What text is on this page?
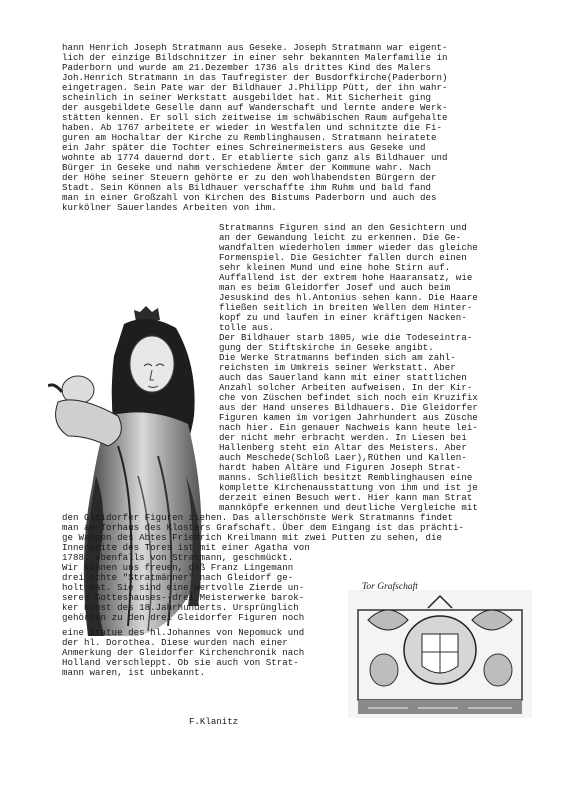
Tor Grafschaft
hann Henrich Joseph Stratmann aus Geseke. Joseph Stratmann war eigent-
lich der einzige Bildschnitzer in einer sehr bekannten Malerfamilie in
Paderborn und wurde am 21.Dezember 1736 als drittes Kind des Malers
Joh.Henrich Stratmann in das Taufregister der Busdorfkirche(Paderborn)
eingetragen. Sein Pate war der Bildhauer J.Philipp Pütt, der ihn wahr-
scheinlich in seiner Werkstatt ausgebildet hat. Mit Sicherheit ging
der ausgebildete Geselle dann auf Wanderschaft und lernte andere Werk-
stätten kennen. Er soll sich zeitweise im schwäbischen Raum aufgehalte
haben. Ab 1767 arbeitete er wieder in Westfalen und schnitzte die Fi-
guren am Hochaltar der Kirche zu Remblinghausen. Stratmann heiratete
ein Jahr später die Tochter eines Schreinermeisters aus Geseke und
wohnte ab 1774 dauernd dort. Er etablierte sich ganz als Bildhauer und
Bürger in Geseke und nahm verschiedene Ämter der Kommune wahr. Nach
der Höhe seiner Steuern gehörte er zu den wohlhabendsten Bürgern der
Stadt. Sein Können als Bildhauer verschaffte ihm Ruhm und bald fand
man in einer Großzahl von Kirchen des Bistums Paderborn und auch des
kurkölner Sauerlandes Arbeiten von ihm.
Stratmanns Figuren sind an den Gesichtern und
an der Gewandung leicht zu erkennen. Die Ge-
wandfalten wiederholen immer wieder das gleiche
Formenspiel. Die Gesichter fallen durch einen
sehr kleinen Mund und eine hohe Stirn auf.
Auffallend ist der extrem hohe Haaransatz, wie
man es beim Gleidorfer Josef und auch beim
Jesuskind des hl.Antonius sehen kann. Die Haare
fließen seitlich in breiten Wellen dem Hinter-
kopf zu und laufen in einer kräftigen Nacken-
tolle aus.
Der Bildhauer starb 1805, wie die Todeseintra-
gung der Stiftskirche in Geseke angibt.
Die Werke Stratmanns befinden sich am zahl-
reichsten im Umkreis seiner Werkstatt. Aber
auch das Sauerland kann mit einer stattlichen
Anzahl solcher Arbeiten aufweisen. In der Kir-
che von Züschen befindet sich noch ein Kruzifix
aus der Hand unseres Bildhauers. Die Gleidorfer
Figuren kamen im vorigen Jahrhundert aus Züsche
nach hier. Ein genauer Nachweis kann heute lei-
der nicht mehr erbracht werden. In Liesen bei
Hallenberg steht ein Altar des Meisters. Aber
auch Meschede(Schloß Laer),Rüthen und Kallen-
hardt haben Altäre und Figuren Joseph Strat-
manns. Schließlich besitzt Remblinghausen eine
komplette Kirchenausstattung von ihm und ist je
derzeit einen Besuch wert. Hier kann man Strat
mannköpfe erkennen und deutliche Vergleiche mit
den Gleidorfer Figuren ziehen. Das allerschönste Werk Stratmanns findet
man am Torhaus des Klosters Grafschaft. Über dem Eingang ist das prächti-
ge Wappen des Abtes Friedrich Kreilmann mit zwei Putten zu sehen, die
Innenseite des Tores ist mit einer Agatha von
1788, ebenfalls von Stratmann, geschmückt.
Wir können uns freuen, daß Franz Lingemann
drei echte "Stratmänner" nach Gleidorf ge-
holt hat. Sie sind eine wertvolle Zierde un-
seres Gotteshauses--drei Meisterwerke barok-
ker Kunst des 18.Jahrhunderts. Ursprünglich
gehörten zu den drei Gleidorfer Figuren noch
eine Statue des hl.Johannes von Nepomuck und
der hl. Dorothea. Diese wurden nach einer
Anmerkung der Gleidorfer Kirchenchronik nach
Holland verschleppt. Ob sie auch von Strat-
mann waren, ist unbekannt.
F.Klanitz
